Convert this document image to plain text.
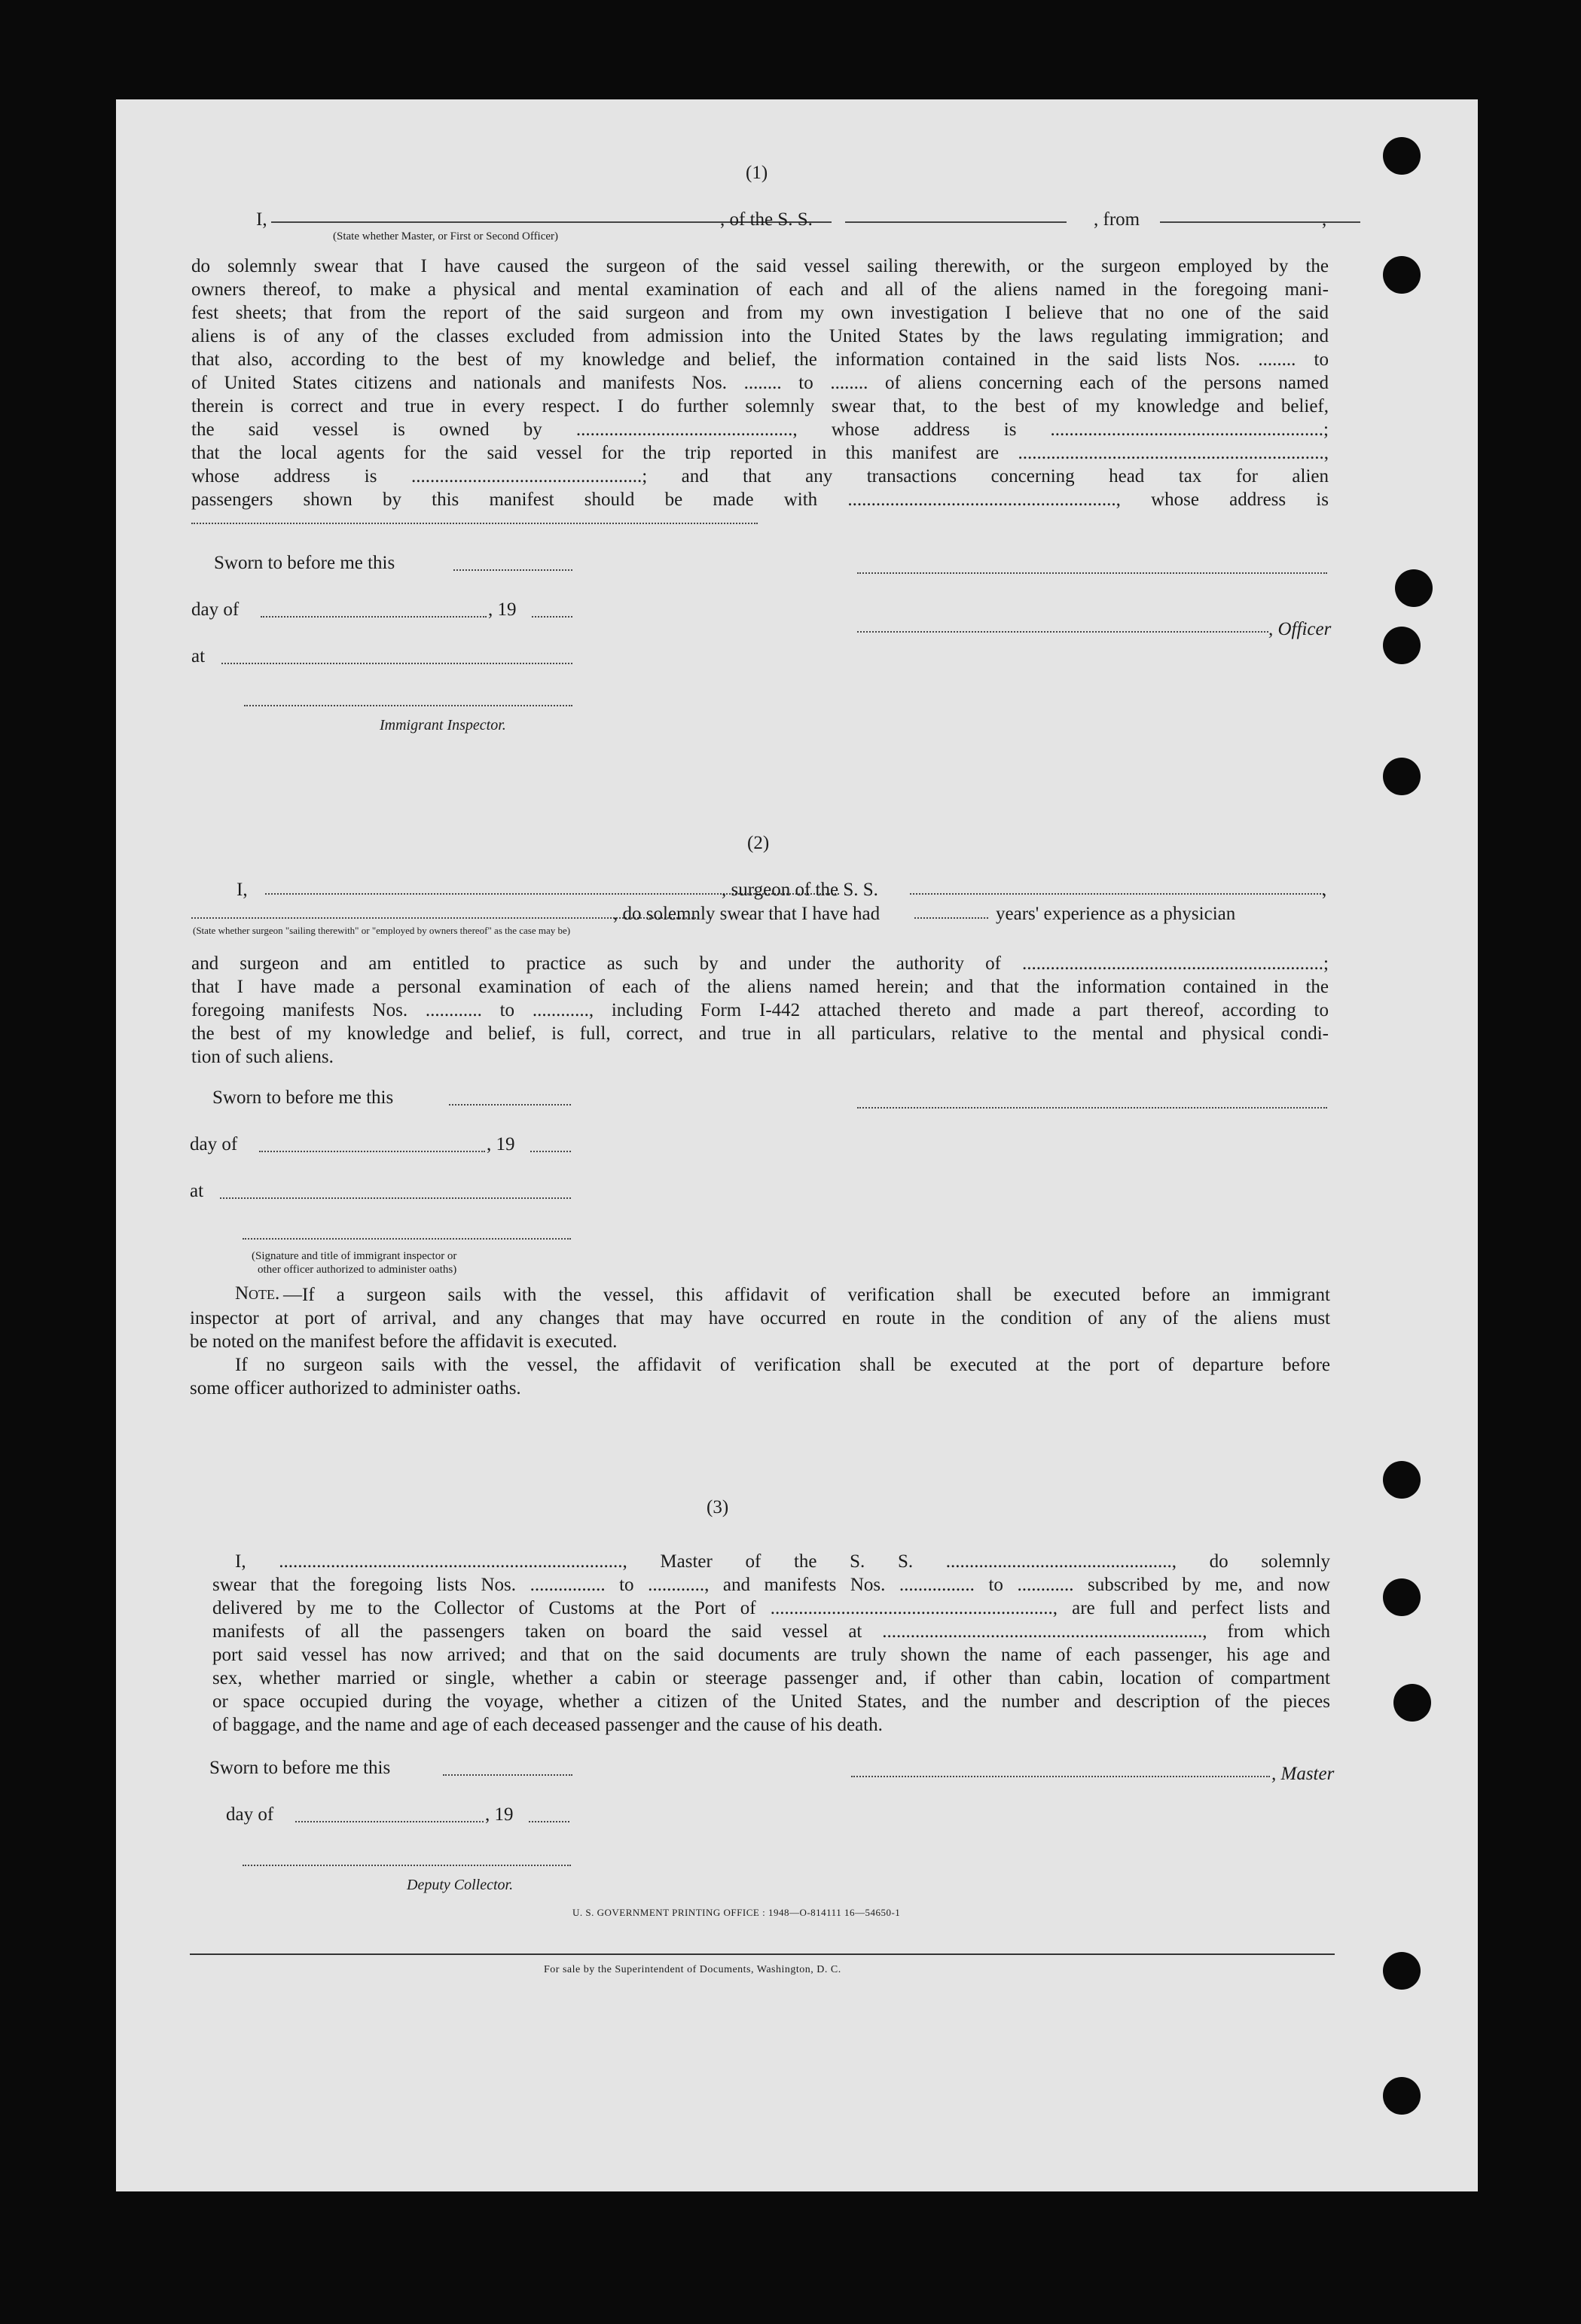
(1)
I,	, of the S. S.	, from	,
(State whether Master, or First or Second Officer)
do solemnly swear that I have caused the surgeon of the said vessel sailing therewith, or the surgeon employed by the
owners thereof, to make a physical and mental examination of each and all of the aliens named in the foregoing mani-
fest sheets; that from the report of the said surgeon and from my own investigation I believe that no one of the said
aliens is of any of the classes excluded from admission into the United States by the laws regulating immigration; and
that also, according to the best of my knowledge and belief, the information contained in the said lists Nos. ........ to
of United States citizens and nationals and manifests Nos. ........ to ........ of aliens concerning each of the persons named
therein is correct and true in every respect. I do further solemnly swear that, to the best of my knowledge and belief,
the said vessel is owned by .............................................., whose address is ..........................................................;
that the local agents for the said vessel for the trip reported in this manifest are .................................................................,
whose address is .................................................; and that any transactions concerning head tax for alien
passengers shown by this manifest should be made with ........................................................., whose address is
Sworn to before me this
day of	, 19
at
Immigrant Inspector.
, Officer
(2)
I,	, surgeon of the S. S.	,
, do solemnly swear that I have had	years' experience as a physician
(State whether surgeon "sailing therewith" or "employed by owners thereof" as the case may be)
and surgeon and am entitled to practice as such by and under the authority of ................................................................;
that I have made a personal examination of each of the aliens named herein; and that the information contained in the
foregoing manifests Nos. ............ to ............, including Form I-442 attached thereto and made a part thereof, according to
the best of my knowledge and belief, is full, correct, and true in all particulars, relative to the mental and physical condi-
tion of such aliens.
Sworn to before me this
day of	, 19
at
(Signature and title of immigrant inspector or
other officer authorized to administer oaths)
Note. —If a surgeon sails with the vessel, this affidavit of verification shall be executed before an immigrant
inspector at port of arrival, and any changes that may have occurred en route in the condition of any of the aliens must
be noted on the manifest before the affidavit is executed.
If no surgeon sails with the vessel, the affidavit of verification shall be executed at the port of departure before
some officer authorized to administer oaths.
(3)
I, ........................................................................., Master of the S. S. ................................................, do solemnly
swear that the foregoing lists Nos. ................ to ............, and manifests Nos. ................ to ............ subscribed by me, and now
delivered by me to the Collector of Customs at the Port of ............................................................, are full and perfect lists and
manifests of all the passengers taken on board the said vessel at ...................................................................., from which
port said vessel has now arrived; and that on the said documents are truly shown the name of each passenger, his age and
sex, whether married or single, whether a cabin or steerage passenger and, if other than cabin, location of compartment
or space occupied during the voyage, whether a citizen of the United States, and the number and description of the pieces
of baggage, and the name and age of each deceased passenger and the cause of his death.
Sworn to before me this
day of	, 19
Deputy Collector.
, Master
U. S. GOVERNMENT PRINTING OFFICE : 1948—O-814111 16—54650-1
For sale by the Superintendent of Documents, Washington, D. C.
